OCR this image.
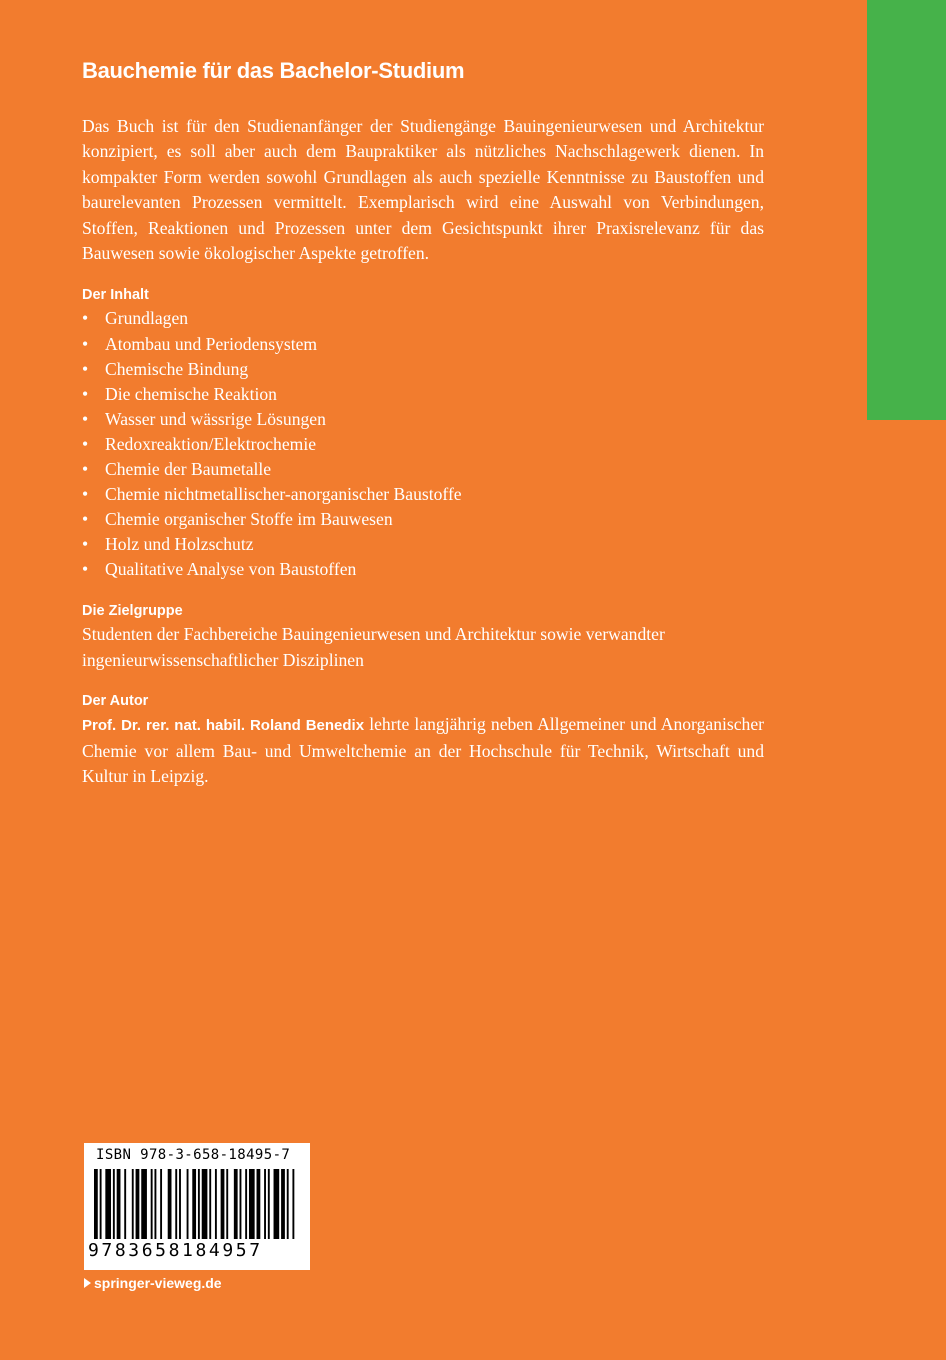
Bauchemie für das Bachelor-Studium

Das Buch ist für den Studienanfänger der Studiengänge Bauingenieurwesen und Architektur konzipiert, es soll aber auch dem Baupraktiker als nützliches Nachschlagewerk dienen. In kompakter Form werden sowohl Grundlagen als auch spezielle Kenntnisse zu Baustoffen und baurelevanten Prozessen vermittelt. Exemplarisch wird eine Auswahl von Verbindungen, Stoffen, Reaktionen und Prozessen unter dem Gesichtspunkt ihrer Praxisrelevanz für das Bauwesen sowie ökologischer Aspekte getroffen.

Der Inhalt
• Grundlagen
• Atombau und Periodensystem
• Chemische Bindung
• Die chemische Reaktion
• Wasser und wässrige Lösungen
• Redoxreaktion/Elektrochemie
• Chemie der Baumetalle
• Chemie nichtmetallischer-anorganischer Baustoffe
• Chemie organischer Stoffe im Bauwesen
• Holz und Holzschutz
• Qualitative Analyse von Baustoffen
Die Zielgruppe

Studenten der Fachbereiche Bauingenieurwesen und Architektur sowie verwandter ingenieurwissenschaftlicher Disziplinen

Der Autor

Prof. Dr. rer. nat. habil. Roland Benedix lehrte langjährig neben Allgemeiner und Anorganischer Chemie vor allem Bau- und Umweltchemie an der Hochschule für Technik, Wirtschaft und Kultur in Leipzig.

ISBN 978-3-658-18495-7
9783658184957
springer-vieweg.de
